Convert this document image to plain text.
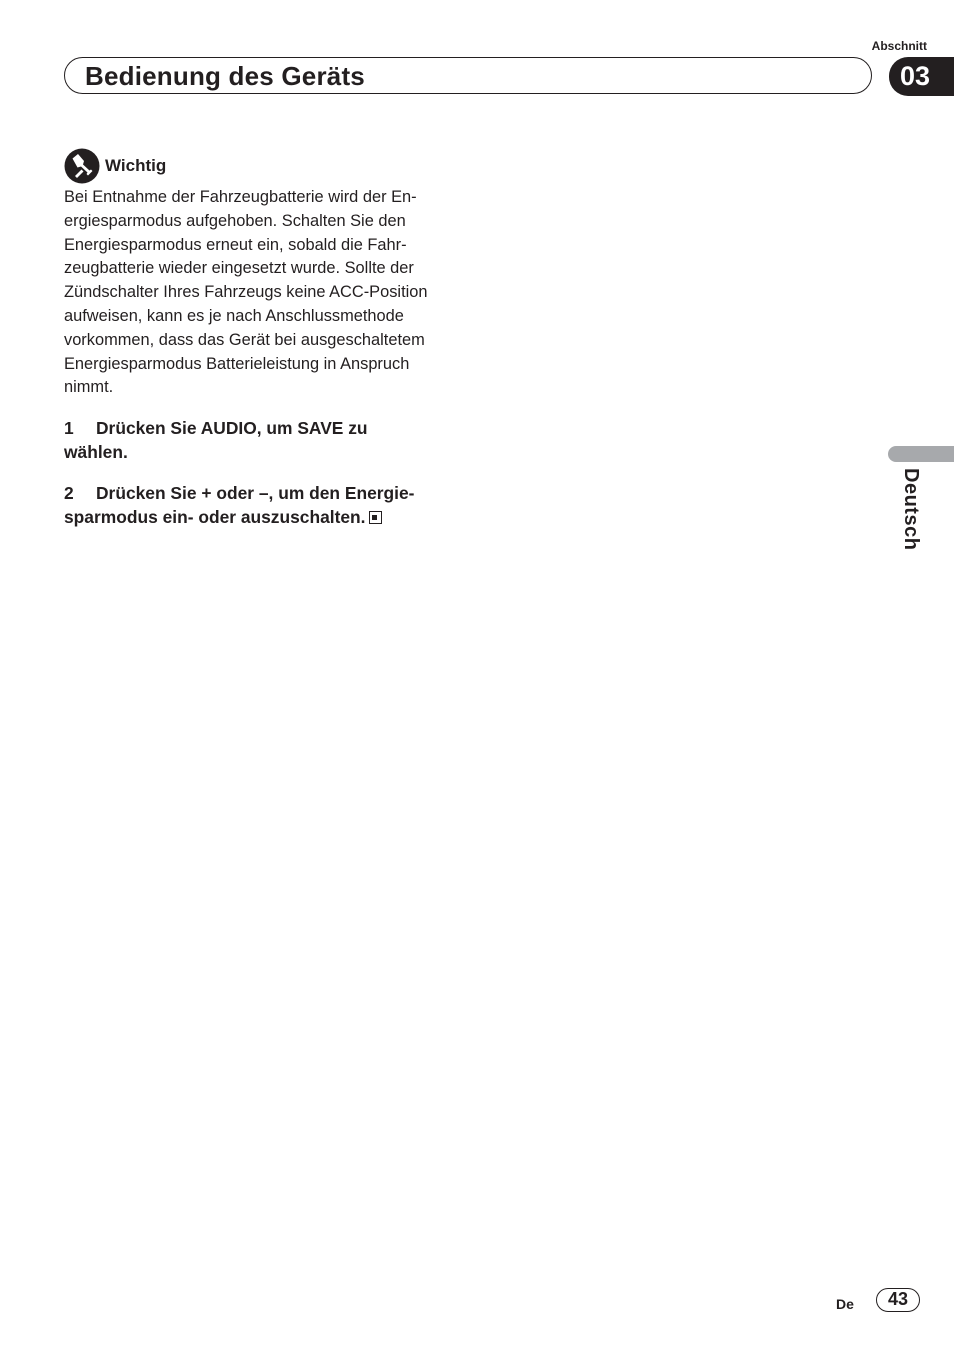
Abschnitt
Bedienung des Geräts	03
Wichtig
Bei Entnahme der Fahrzeugbatterie wird der En-
ergiesparmodus aufgehoben. Schalten Sie den
Energiesparmodus erneut ein, sobald die Fahr-
zeugbatterie wieder eingesetzt wurde. Sollte der
Zündschalter Ihres Fahrzeugs keine ACC-Position
aufweisen, kann es je nach Anschlussmethode
vorkommen, dass das Gerät bei ausgeschaltetem
Energiesparmodus Batterieleistung in Anspruch
nimmt.
1 Drücken Sie AUDIO, um SAVE zu
wählen.
2 Drücken Sie + oder –, um den Energie-
sparmodus ein- oder auszuschalten.	Deutsch
De	43
